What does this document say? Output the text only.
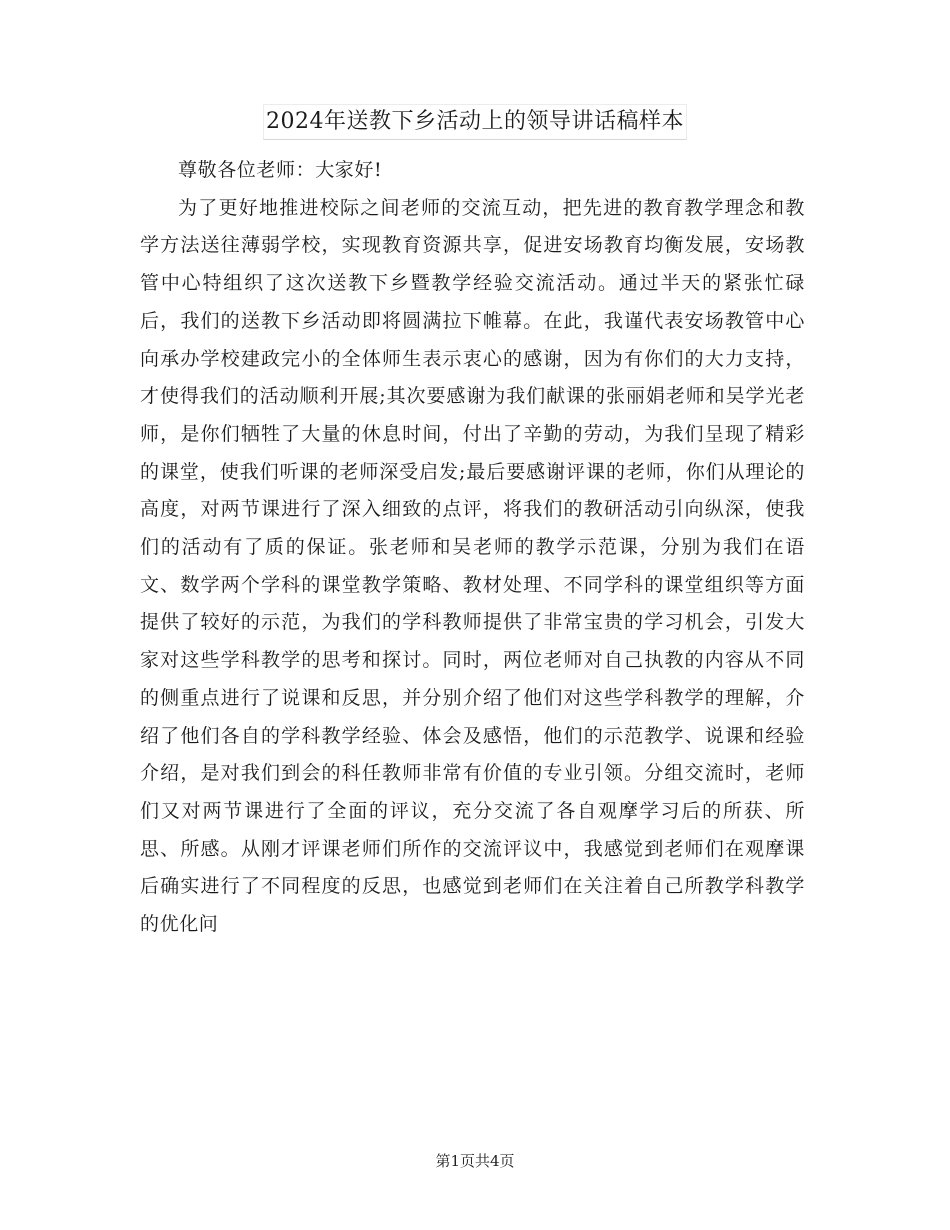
2024年送教下乡活动上的领导讲话稿样本

尊敬各位老师：大家好!

为了更好地推进校际之间老师的交流互动，把先进的教育教学理念和教学方法送往薄弱学校，实现教育资源共享，促进安场教育均衡发展，安场教管中心特组织了这次送教下乡暨教学经验交流活动。通过半天的紧张忙碌后，我们的送教下乡活动即将圆满拉下帷幕。在此，我谨代表安场教管中心向承办学校建政完小的全体师生表示衷心的感谢，因为有你们的大力支持，才使得我们的活动顺利开展;其次要感谢为我们献课的张丽娟老师和吴学光老师，是你们牺牲了大量的休息时间，付出了辛勤的劳动，为我们呈现了精彩的课堂，使我们听课的老师深受启发;最后要感谢评课的老师，你们从理论的高度，对两节课进行了深入细致的点评，将我们的教研活动引向纵深，使我们的活动有了质的保证。张老师和吴老师的教学示范课，分别为我们在语文、数学两个学科的课堂教学策略、教材处理、不同学科的课堂组织等方面提供了较好的示范，为我们的学科教师提供了非常宝贵的学习机会，引发大家对这些学科教学的思考和探讨。同时，两位老师对自己执教的内容从不同的侧重点进行了说课和反思，并分别介绍了他们对这些学科教学的理解，介绍了他们各自的学科教学经验、体会及感悟，他们的示范教学、说课和经验介绍，是对我们到会的科任教师非常有价值的专业引领。分组交流时，老师们又对两节课进行了全面的评议，充分交流了各自观摩学习后的所获、所思、所感。从刚才评课老师们所作的交流评议中，我感觉到老师们在观摩课后确实进行了不同程度的反思，也感觉到老师们在关注着自己所教学科教学的优化问

第1页共4页
